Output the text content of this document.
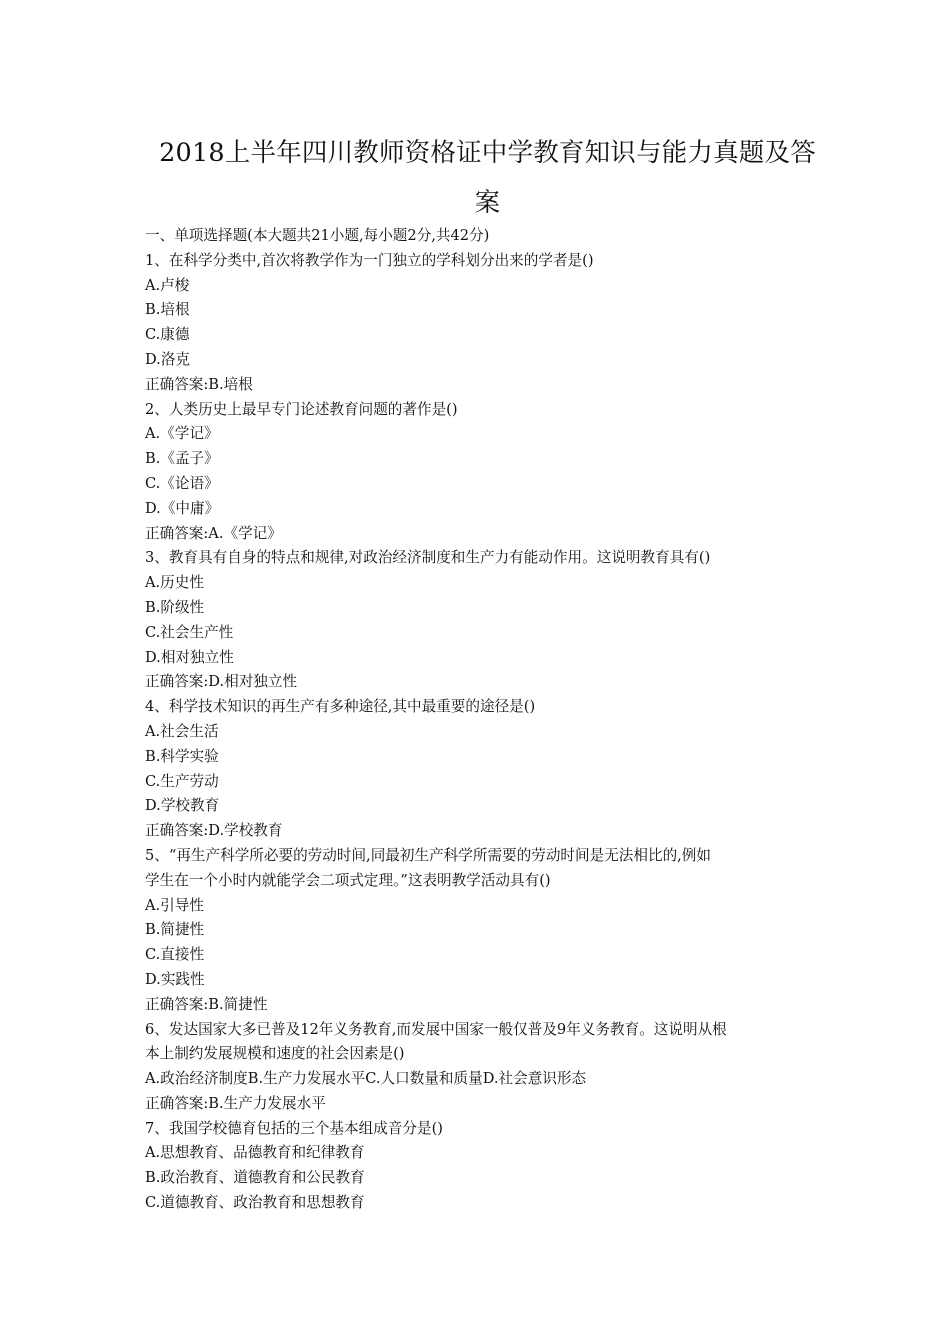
2018上半年四川教师资格证中学教育知识与能力真题及答
案
一、单项选择题(本大题共21小题,每小题2分,共42分)
1、在科学分类中,首次将教学作为一门独立的学科划分出来的学者是()
A.卢梭
B.培根
C.康德
D.洛克
正确答案:B.培根
2、人类历史上最早专门论述教育问题的著作是()
A.《学记》
B.《孟子》
C.《论语》
D.《中庸》
正确答案:A.《学记》
3、教育具有自身的特点和规律,对政治经济制度和生产力有能动作用。这说明教育具有()
A.历史性
B.阶级性
C.社会生产性
D.相对独立性
正确答案:D.相对独立性
4、科学技术知识的再生产有多种途径,其中最重要的途径是()
A.社会生活
B.科学实验
C.生产劳动
D.学校教育
正确答案:D.学校教育
5、“再生产科学所必要的劳动时间,同最初生产科学所需要的劳动时间是无法相比的,例如
学生在一个小时内就能学会二项式定理。”这表明教学活动具有()
A.引导性
B.简捷性
C.直接性
D.实践性
正确答案:B.简捷性
6、发达国家大多已普及12年义务教育,而发展中国家一般仅普及9年义务教育。这说明从根
本上制约发展规模和速度的社会因素是()
A.政治经济制度B.生产力发展水平C.人口数量和质量D.社会意识形态
正确答案:B.生产力发展水平
7、我国学校德育包括的三个基本组成音分是()
A.思想教育、品德教育和纪律教育
B.政治教育、道德教育和公民教育
C.道德教育、政治教育和思想教育
